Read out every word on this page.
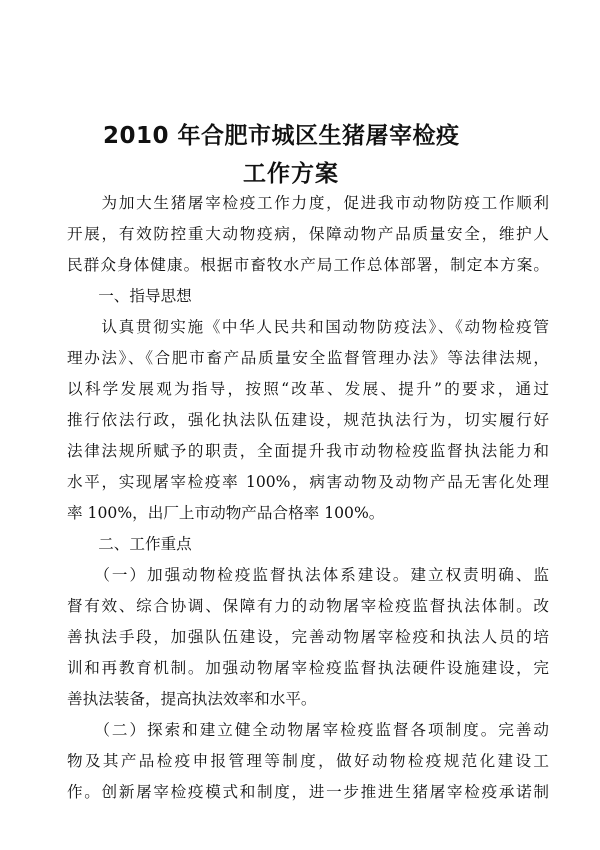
2010 年合肥市城区生猪屠宰检疫
工作方案
　　为加大生猪屠宰检疫工作力度，促进我市动物防疫工作顺利
开展，有效防控重大动物疫病，保障动物产品质量安全，维护人
民群众身体健康。根据市畜牧水产局工作总体部署，制定本方案。
　　一、指导思想
　　认真贯彻实施《中华人民共和国动物防疫法》、《动物检疫管
理办法》、《合肥市畜产品质量安全监督管理办法》等法律法规，
以科学发展观为指导，按照“改革、发展、提升”的要求，通过
推行依法行政，强化执法队伍建设，规范执法行为，切实履行好
法律法规所赋予的职责，全面提升我市动物检疫监督执法能力和
水平，实现屠宰检疫率 100%，病害动物及动物产品无害化处理
率 100%，出厂上市动物产品合格率 100%。
　　二、工作重点
　　（一）加强动物检疫监督执法体系建设。建立权责明确、监
督有效、综合协调、保障有力的动物屠宰检疫监督执法体制。改
善执法手段，加强队伍建设，完善动物屠宰检疫和执法人员的培
训和再教育机制。加强动物屠宰检疫监督执法硬件设施建设，完
善执法装备，提高执法效率和水平。
　　（二）探索和建立健全动物屠宰检疫监督各项制度。完善动
物及其产品检疫申报管理等制度，做好动物检疫规范化建设工
作。创新屠宰检疫模式和制度，进一步推进生猪屠宰检疫承诺制
